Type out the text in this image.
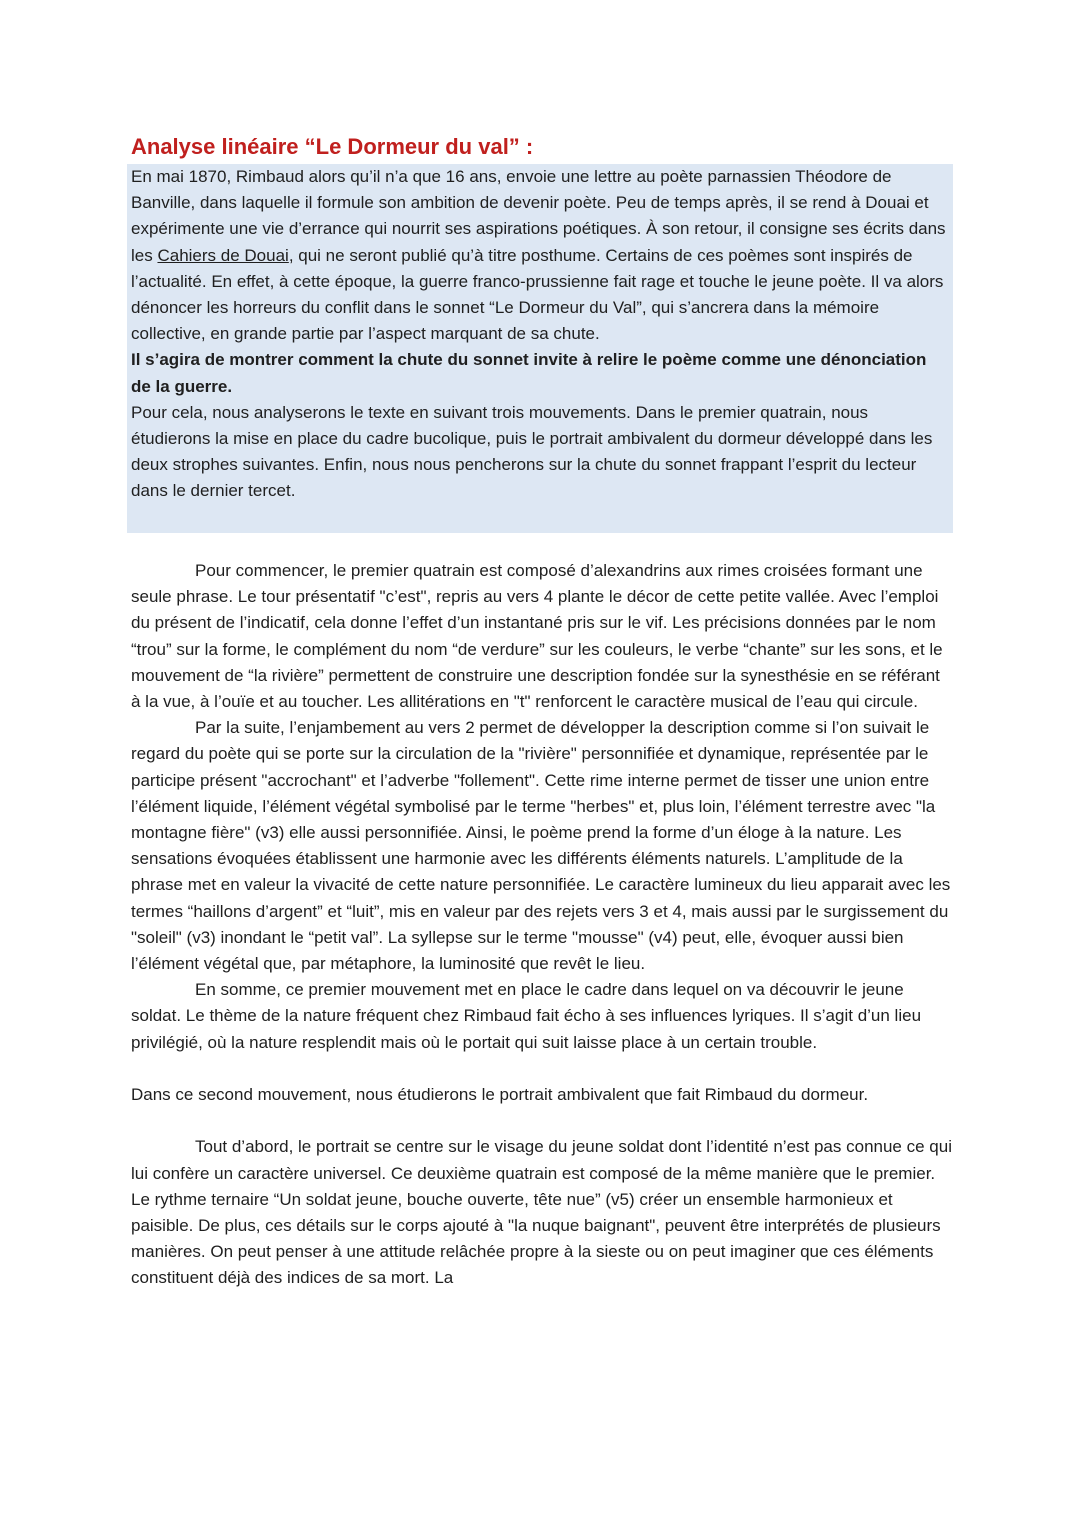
Analyse linéaire “Le Dormeur du val” :

En mai 1870, Rimbaud alors qu’il n’a que 16 ans, envoie une lettre au poète parnassien Théodore de Banville, dans laquelle il formule son ambition de devenir poète. Peu de temps après, il se rend à Douai et expérimente une vie d’errance qui nourrit ses aspirations poétiques. À son retour, il consigne ses écrits dans les Cahiers de Douai, qui ne seront publié qu’à titre posthume. Certains de ces poèmes sont inspirés de l’actualité. En effet, à cette époque, la guerre franco-prussienne fait rage et touche le jeune poète. Il va alors dénoncer les horreurs du conflit dans le sonnet “Le Dormeur du Val”, qui s’ancrera dans la mémoire collective, en grande partie par l’aspect marquant de sa chute.

Il s’agira de montrer comment la chute du sonnet invite à relire le poème comme une dénonciation de la guerre.

Pour cela, nous analyserons le texte en suivant trois mouvements. Dans le premier quatrain, nous étudierons la mise en place du cadre bucolique, puis le portrait ambivalent du dormeur développé dans les deux strophes suivantes. Enfin, nous nous pencherons sur la chute du sonnet frappant l’esprit du lecteur dans le dernier tercet.

Pour commencer, le premier quatrain est composé d’alexandrins aux rimes croisées formant une seule phrase. Le tour présentatif "c’est", repris au vers 4 plante le décor de cette petite vallée. Avec l’emploi du présent de l’indicatif, cela donne l’effet d’un instantané pris sur le vif. Les précisions données par le nom “trou” sur la forme, le complément du nom “de verdure” sur les couleurs, le verbe “chante” sur les sons, et le mouvement de “la rivière” permettent de construire une description fondée sur la synesthésie en se référant à la vue, à l’ouïe et au toucher. Les allitérations en "t" renforcent le caractère musical de l’eau qui circule.

Par la suite, l’enjambement au vers 2 permet de développer la description comme si l’on suivait le regard du poète qui se porte sur la circulation de la "rivière" personnifiée et dynamique, représentée par le participe présent "accrochant" et l’adverbe "follement". Cette rime interne permet de tisser une union entre l’élément liquide, l’élément végétal symbolisé par le terme "herbes" et, plus loin, l’élément terrestre avec "la montagne fière" (v3) elle aussi personnifiée. Ainsi, le poème prend la forme d’un éloge à la nature. Les sensations évoquées établissent une harmonie avec les différents éléments naturels. L’amplitude de la phrase met en valeur la vivacité de cette nature personnifiée. Le caractère lumineux du lieu apparait avec les termes “haillons d’argent” et “luit”, mis en valeur par des rejets vers 3 et 4, mais aussi par le surgissement du "soleil" (v3) inondant le “petit val”. La syllepse sur le terme "mousse" (v4) peut, elle, évoquer aussi bien l’élément végétal que, par métaphore, la luminosité que revêt le lieu.

En somme, ce premier mouvement met en place le cadre dans lequel on va découvrir le jeune soldat. Le thème de la nature fréquent chez Rimbaud fait écho à ses influences lyriques. Il s’agit d’un lieu privilégié, où la nature resplendit mais où le portait qui suit laisse place à un certain trouble.

Dans ce second mouvement, nous étudierons le portrait ambivalent que fait Rimbaud du dormeur.

Tout d’abord, le portrait se centre sur le visage du jeune soldat dont l’identité n’est pas connue ce qui lui confère un caractère universel. Ce deuxième quatrain est composé de la même manière que le premier. Le rythme ternaire “Un soldat jeune, bouche ouverte, tête nue” (v5) créer un ensemble harmonieux et paisible. De plus, ces détails sur le corps ajouté à "la nuque baignant", peuvent être interprétés de plusieurs manières. On peut penser à une attitude relâchée propre à la sieste ou on peut imaginer que ces éléments constituent déjà des indices de sa mort. La
